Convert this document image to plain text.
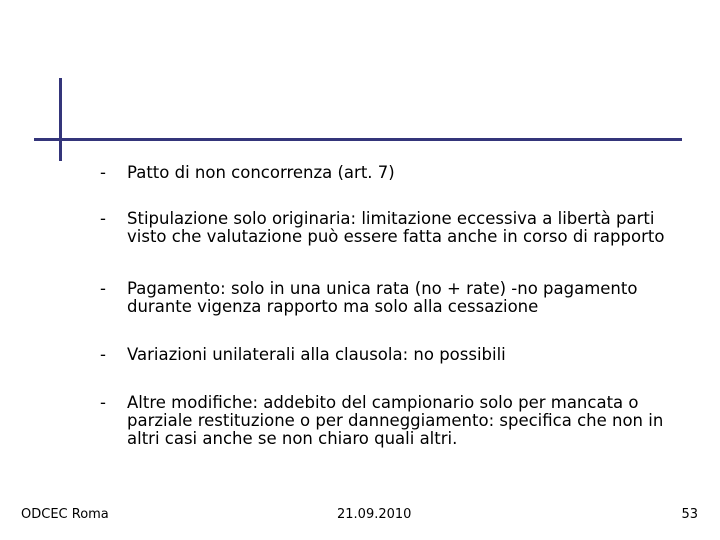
-	Patto di non concorrenza (art. 7)
-	Stipulazione solo originaria: limitazione eccessiva a libertà parti
visto che valutazione può essere fatta anche in corso di rapporto
-	Pagamento: solo in una unica rata (no + rate) -no pagamento
durante vigenza rapporto ma solo alla cessazione
-	Variazioni unilaterali alla clausola: no possibili
-	Altre modifiche: addebito del campionario solo per mancata o
parziale restituzione o per danneggiamento: specifica che non in
altri casi anche se non chiaro quali altri.
ODCEC Roma	21.09.2010	53
